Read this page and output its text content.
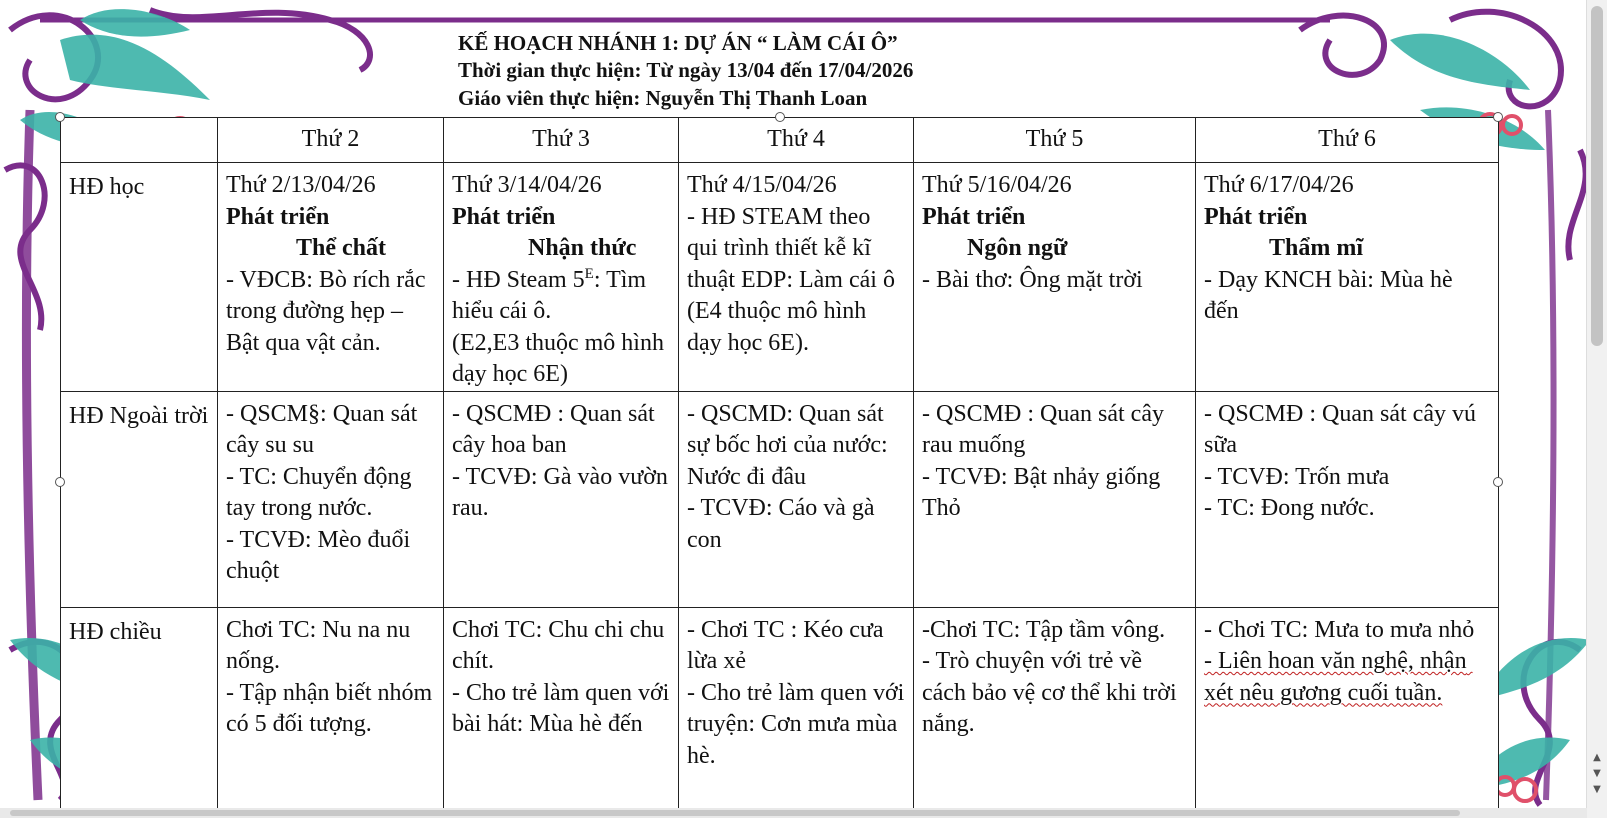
KẾ HOẠCH NHÁNH 1: DỰ ÁN “ LÀM CÁI Ô”
Thời gian thực hiện: Từ ngày 13/04 đến 17/04/2026
Giáo viên thực hiện: Nguyễn Thị Thanh Loan
	Thứ 2	Thứ 3	Thứ 4	Thứ 5	Thứ 6

HĐ học	Thứ 2/13/04/26
Phát triển
Thể chất
- VĐCB: Bò rích rắc trong đường hẹp – Bật qua vật cản.	Thứ 3/14/04/26
Phát triển
Nhận thức
- HĐ Steam $5^E$: Tìm hiểu cái ô.
(E2,E3 thuộc mô hình dạy học 6E)	Thứ 4/15/04/26
- HĐ STEAM theo qui trình thiết kễ kĩ thuật EDP: Làm cái ô (E4 thuộc mô hình dạy học 6E).	Thứ 5/16/04/26
Phát triển
Ngôn ngữ
- Bài thơ: Ông mặt trời	Thứ 6/17/04/26
Phát triển
Thẩm mĩ
- Dạy KNCH bài: Mùa hè đến

HĐ Ngoài trời	- QSCM§: Quan sát cây su su
- TC: Chuyển động tay trong nước.
- TCVĐ: Mèo đuổi chuột	- QSCMĐ : Quan sát cây hoa ban
- TCVĐ: Gà vào vườn rau.	- QSCMD: Quan sát sự bốc hơi của nước: Nước đi đâu
- TCVĐ: Cáo và gà con	- QSCMĐ : Quan sát cây rau muống
- TCVĐ: Bật nhảy giống Thỏ	- QSCMĐ : Quan sát cây vú sữa
- TCVĐ: Trốn mưa
- TC: Đong nước.

HĐ chiều	Chơi TC: Nu na nu nống.
- Tập nhận biết nhóm có 5 đối tượng.	Chơi TC: Chu chi chu chít.
- Cho trẻ làm quen với bài hát: Mùa hè đến	- Chơi TC : Kéo cưa lừa xẻ
- Cho trẻ làm quen với truyện: Cơn mưa mùa hè.	-Chơi TC: Tập tầm vông.
- Trò chuyện với trẻ về cách bảo vệ cơ thể khi trời nắng.	- Chơi TC: Mưa to mưa nhỏ
- Liên hoan văn nghệ, nhận xét nêu gương cuối tuần.
▲
▼
▼
